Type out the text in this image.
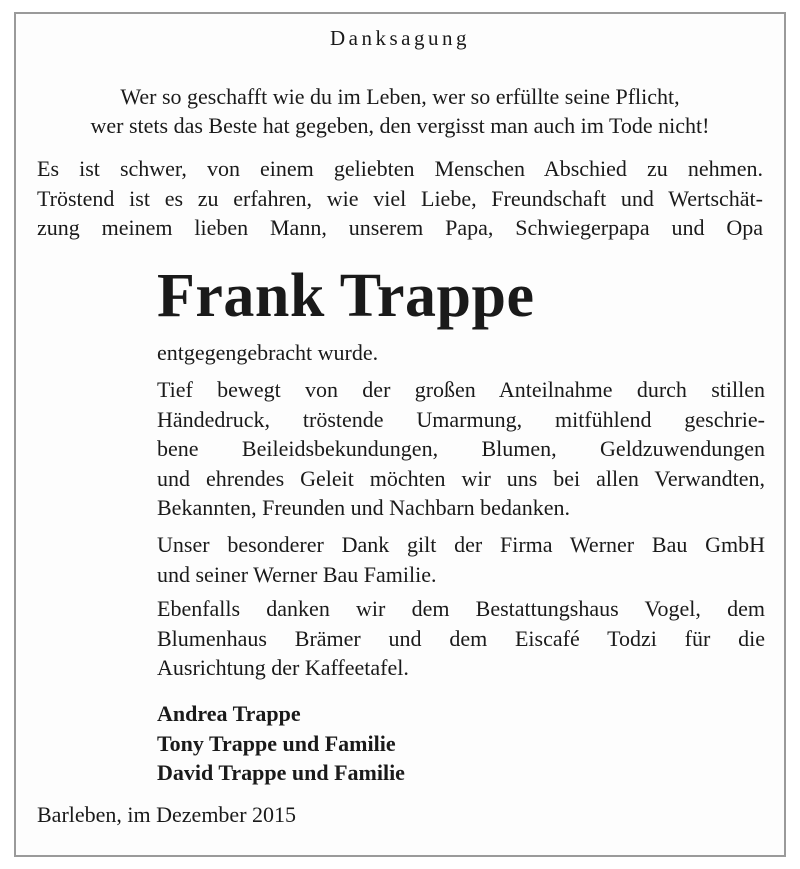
Danksagung
Wer so geschafft wie du im Leben, wer so erfüllte seine Pflicht,
wer stets das Beste hat gegeben, den vergisst man auch im Tode nicht!
Es ist schwer, von einem geliebten Menschen Abschied zu nehmen.
Tröstend ist es zu erfahren, wie viel Liebe, Freundschaft und Wertschät-
zung meinem lieben Mann, unserem Papa, Schwiegerpapa und Opa
Frank Trappe
entgegengebracht wurde.
Tief bewegt von der großen Anteilnahme durch stillen
Händedruck, tröstende Umarmung, mitfühlend geschrie-
bene Beileidsbekundungen, Blumen, Geldzuwendungen
und ehrendes Geleit möchten wir uns bei allen Verwandten,
Bekannten, Freunden und Nachbarn bedanken.
Unser besonderer Dank gilt der Firma Werner Bau GmbH
und seiner Werner Bau Familie.
Ebenfalls danken wir dem Bestattungshaus Vogel, dem
Blumenhaus Brämer und dem Eiscafé Todzi für die
Ausrichtung der Kaffeetafel.
Andrea Trappe
Tony Trappe und Familie
David Trappe und Familie
Barleben, im Dezember 2015
